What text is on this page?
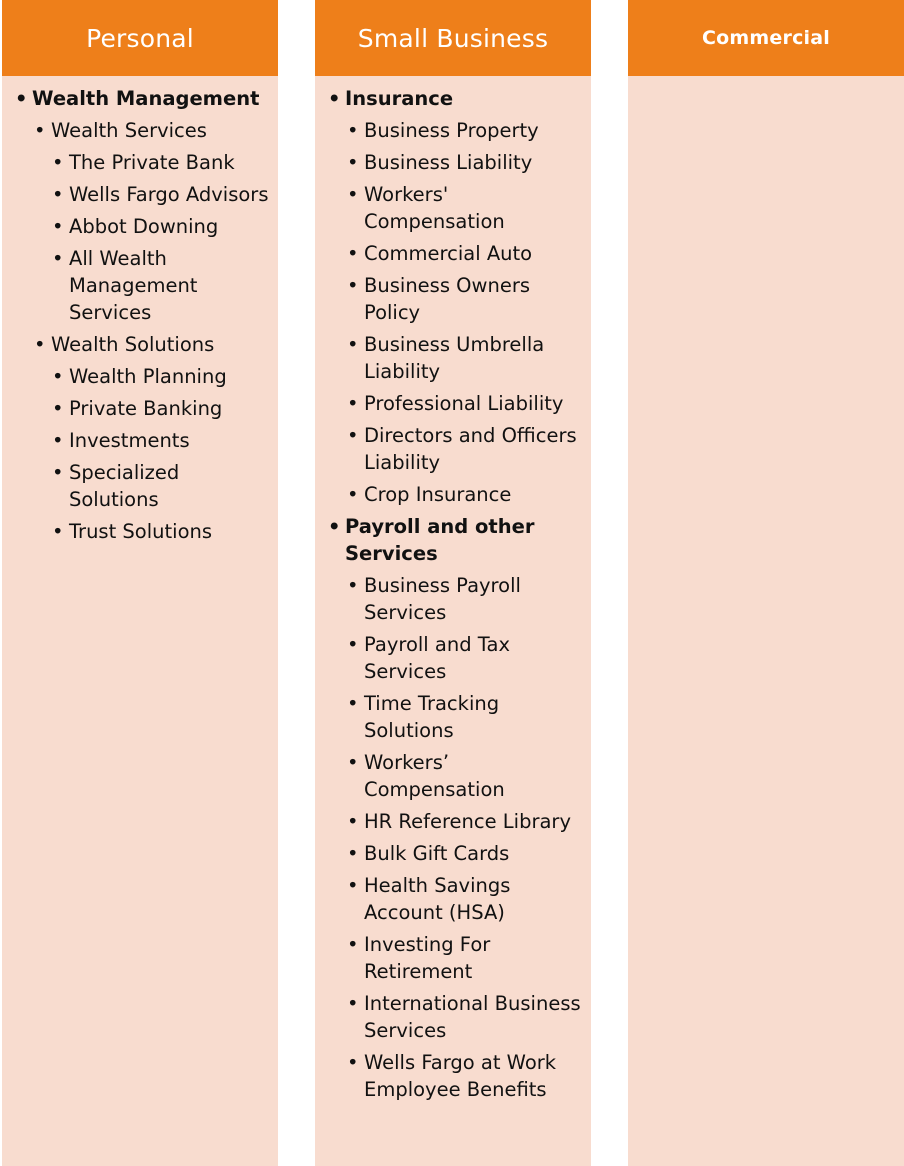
Personal
• Wealth Management
• Wealth Services
• The Private Bank
• Wells Fargo Advisors
• Abbot Downing
• All Wealth Management Services
• Wealth Solutions
• Wealth Planning
• Private Banking
• Investments
• Specialized Solutions
• Trust Solutions
Small Business
• Insurance
• Business Property
• Business Liability
• Workers' Compensation
• Commercial Auto
• Business Owners Policy
• Business Umbrella Liability
• Professional Liability
• Directors and Officers Liability
• Crop Insurance
• Payroll and other Services
• Business Payroll Services
• Payroll and Tax Services
• Time Tracking Solutions
• Workers’ Compensation
• HR Reference Library
• Bulk Gift Cards
• Health Savings Account (HSA)
• Investing For Retirement
• International Business Services
• Wells Fargo at Work Employee Benefits
Commercial
